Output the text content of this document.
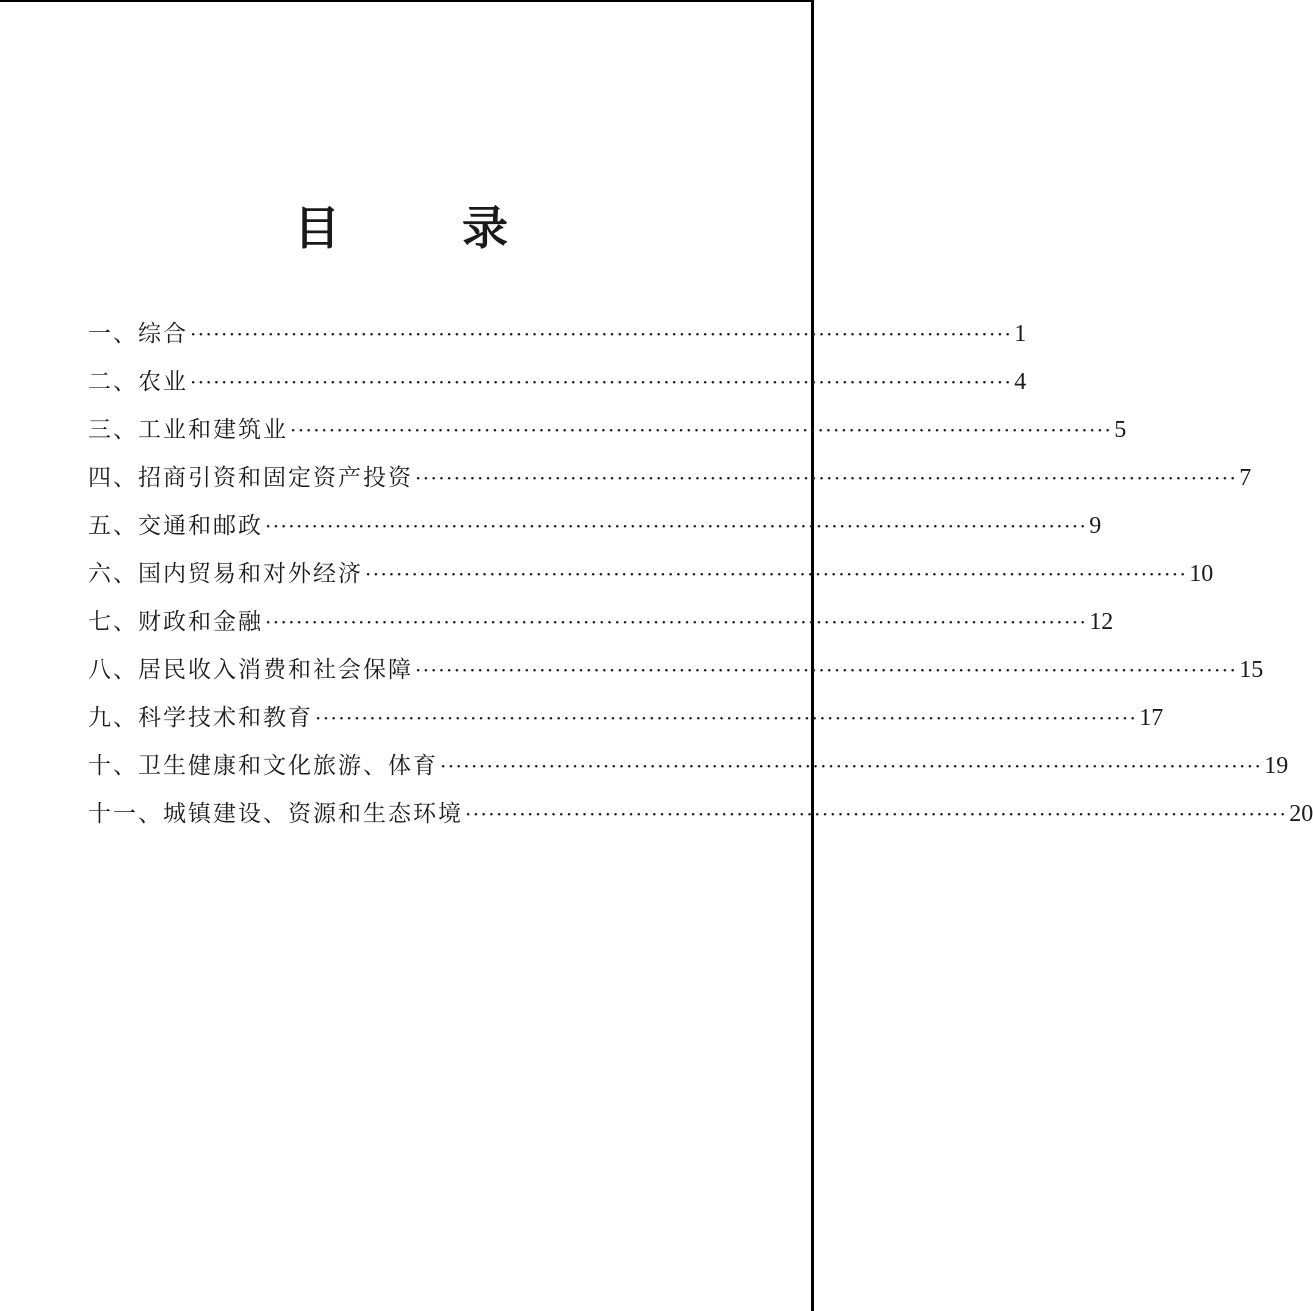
目　录
一、综合 ·········································································································· 1
二、农业 ·········································································································· 4
三、工业和建筑业 ·········································································································· 5
四、招商引资和固定资产投资 ·········································································································· 7
五、交通和邮政 ·········································································································· 9
六、国内贸易和对外经济 ·········································································································· 10
七、财政和金融 ·········································································································· 12
八、居民收入消费和社会保障 ·········································································································· 15
九、科学技术和教育 ·········································································································· 17
十、卫生健康和文化旅游、体育 ·········································································································· 19
十一、城镇建设、资源和生态环境 ·········································································································· 20
